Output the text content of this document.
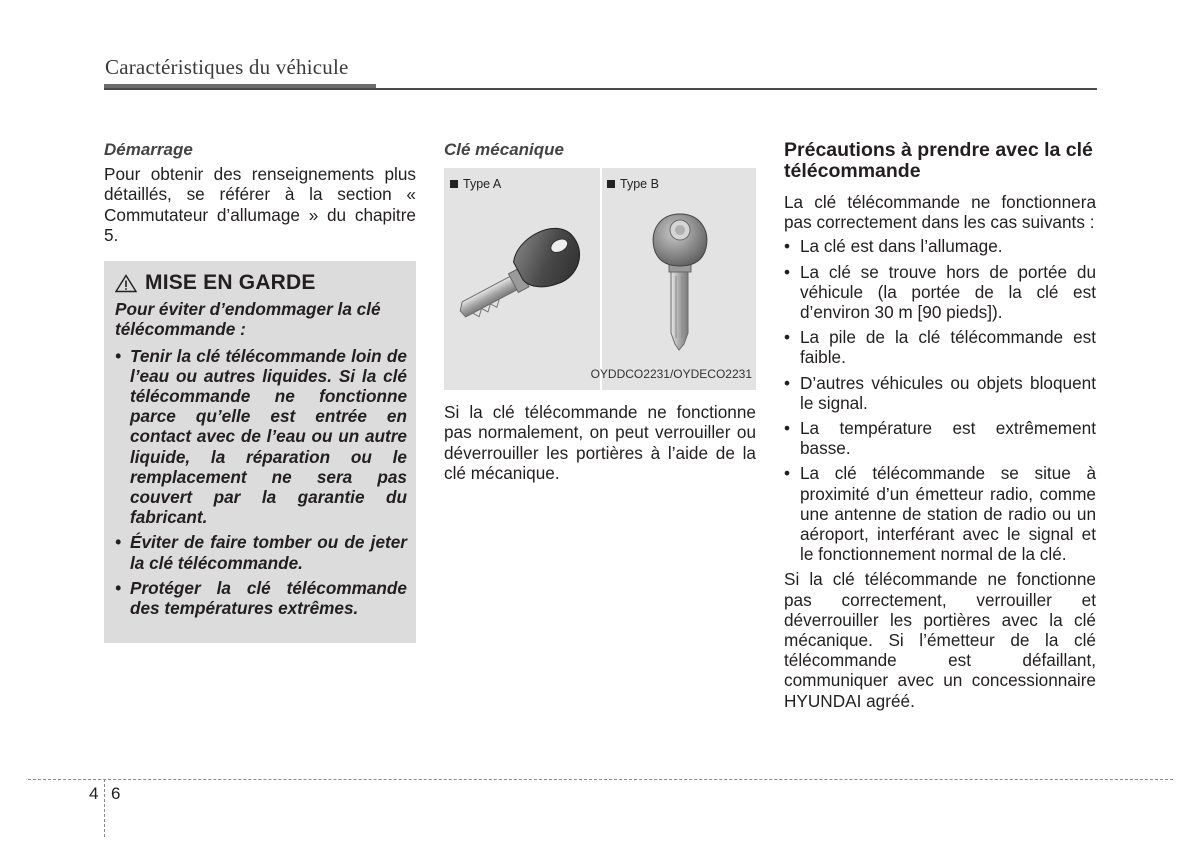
Caractéristiques du véhicule

Démarrage

Pour obtenir des renseignements plus détaillés, se référer à la section « Commutateur d’allumage » du chapitre 5.

MISE EN GARDE

Pour éviter d’endommager la clé télécommande :

• Tenir la clé télécommande loin de l’eau ou autres liquides. Si la clé télécommande ne fonctionne parce qu’elle est entrée en contact avec de l’eau ou un autre liquide, la réparation ou le remplacement ne sera pas couvert par la garantie du fabricant.
• Éviter de faire tomber ou de jeter la clé télécommande.
• Protéger la clé télécommande des températures extrêmes.

Clé mécanique

Type A	Type B
OYDDCO2231/OYDECO2231

Si la clé télécommande ne fonctionne pas normalement, on peut verrouiller ou déverrouiller les portières à l’aide de la clé mécanique.

Précautions à prendre avec la clé télécommande

La clé télécommande ne fonctionnera pas correctement dans les cas suivants :

• La clé est dans l’allumage.
• La clé se trouve hors de portée du véhicule (la portée de la clé est d’environ 30 m [90 pieds]).
• La pile de la clé télécommande est faible.
• D’autres véhicules ou objets bloquent le signal.
• La température est extrêmement basse.
• La clé télécommande se situe à proximité d’un émetteur radio, comme une antenne de station de radio ou un aéroport, interférant avec le signal et le fonctionnement normal de la clé.

Si la clé télécommande ne fonctionne pas correctement, verrouiller et déverrouiller les portières avec la clé mécanique. Si l’émetteur de la clé télécommande est défaillant, communiquer avec un concessionnaire HYUNDAI agréé.

4 6
